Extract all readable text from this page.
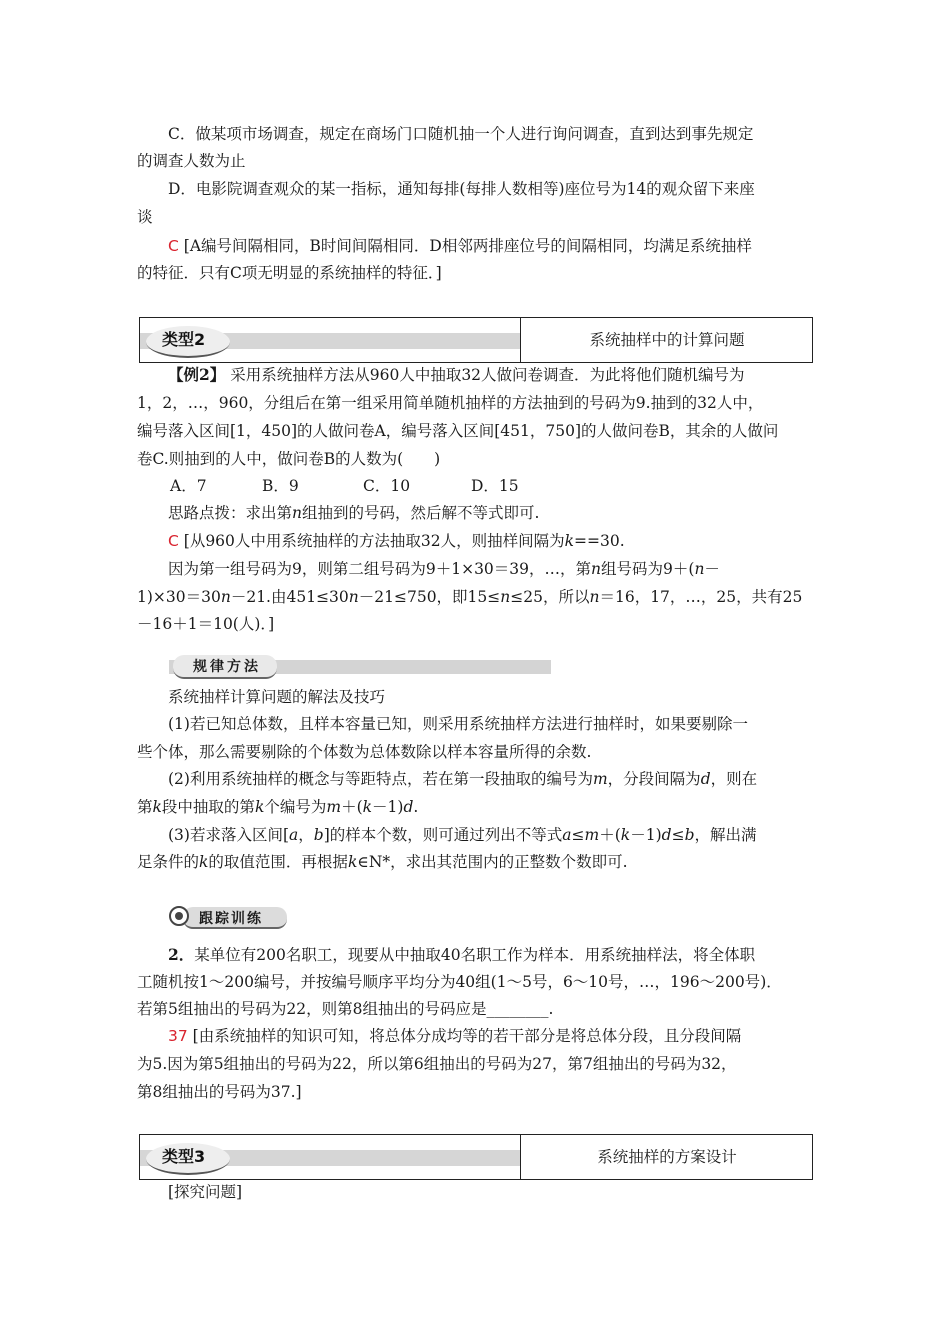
C．做某项市场调查，规定在商场门口随机抽一个人进行询问调查，直到达到事先规定
的调查人数为止
D．电影院调查观众的某一指标，通知每排(每排人数相等)座位号为14的观众留下来座
谈
C [A编号间隔相同，B时间间隔相同．D相邻两排座位号的间隔相同，均满足系统抽样
的特征．只有C项无明显的系统抽样的特征．]
类型2	系统抽样中的计算问题
【例2】 采用系统抽样方法从960人中抽取32人做问卷调查．为此将他们随机编号为
1，2，…，960，分组后在第一组采用简单随机抽样的方法抽到的号码为9.抽到的32人中，
编号落入区间[1，450]的人做问卷A，编号落入区间[451，750]的人做问卷B，其余的人做问
卷C.则抽到的人中，做问卷B的人数为(　　)
A．7	B．9	C．10	D．15
思路点拨：求出第n组抽到的号码，然后解不等式即可.
C [从960人中用系统抽样的方法抽取32人，则抽样间隔为k==30.
因为第一组号码为9，则第二组号码为9＋1×30＝39，…，第n组号码为9＋(n－
1)×30＝30n－21.由451≤30n－21≤750，即15≤n≤25，所以n＝16，17，…，25，共有25
－16＋1＝10(人)．]
规律方法
系统抽样计算问题的解法及技巧
(1)若已知总体数，且样本容量已知，则采用系统抽样方法进行抽样时，如果要剔除一
些个体，那么需要剔除的个体数为总体数除以样本容量所得的余数.
(2)利用系统抽样的概念与等距特点，若在第一段抽取的编号为m，分段间隔为d，则在
第k段中抽取的第k个编号为m＋(k－1)d.
(3)若求落入区间[a，b]的样本个数，则可通过列出不等式a≤m＋(k－1)d≤b，解出满
足条件的k的取值范围．再根据k∈N*，求出其范围内的正整数个数即可.
跟踪训练
2．某单位有200名职工，现要从中抽取40名职工作为样本．用系统抽样法，将全体职
工随机按1～200编号，并按编号顺序平均分为40组(1～5号，6～10号，…，196～200号)．
若第5组抽出的号码为22，则第8组抽出的号码应是________.
37 [由系统抽样的知识可知，将总体分成均等的若干部分是将总体分段，且分段间隔
为5.因为第5组抽出的号码为22，所以第6组抽出的号码为27，第7组抽出的号码为32，
第8组抽出的号码为37.]
类型3	系统抽样的方案设计
[探究问题]
